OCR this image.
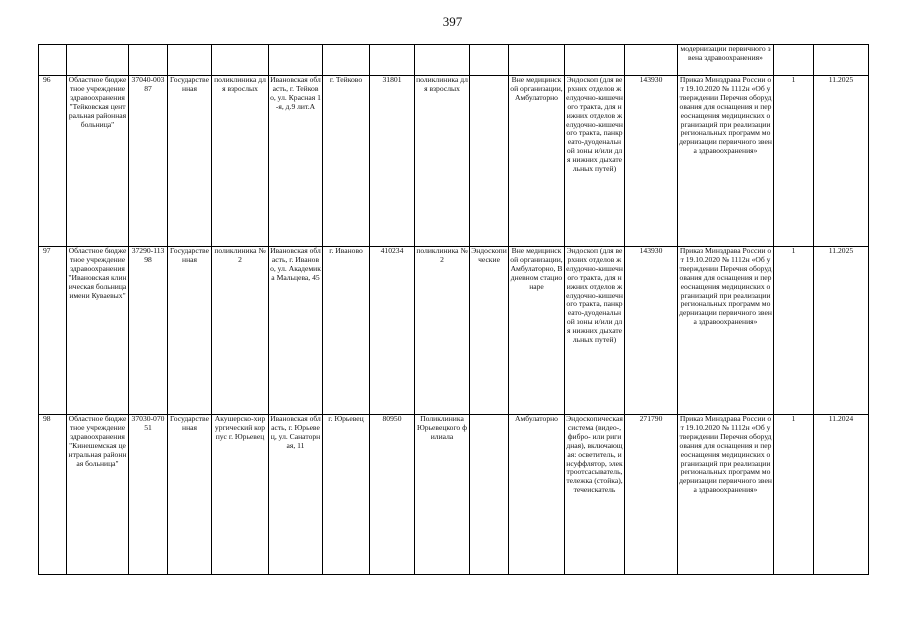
397
													модернизации первичного звена здравоохранения»		
96	Областное бюджетное учреждение здравоохранения "Тейковская центральная районная больница"	37040-00387	Государственная	поликлиника для взрослых	Ивановская область, г. Тейково, ул. Красная 1-я, д.9 лит.А	г. Тейково	31801	поликлиника для взрослых		Вне медицинской организации, Амбулаторно	Эндоскоп (для верхних отделов желудочно-кишечного тракта, для нижних отделов желудочно-кишечного тракта, панкреато-дуоденальной зоны и/или для нижних дыхательных путей)	143930	Приказ Минздрава России от 19.10.2020 № 1112н «Об утверждении Перечня оборудования для оснащения и переоснащения медицинских организаций при реализации региональных программ модернизации первичного звена здравоохранения»	1	11.2025
97	Областное бюджетное учреждение здравоохранения "Ивановская клиническая больница имени Куваевых"	37290-11398	Государственная	поликлиника № 2	Ивановская область, г. Иваново, ул. Академика Мальцева, 45	г. Иваново	410234	поликлиника № 2	Эндоскопические	Вне медицинской организации, Амбулаторно, В дневном стационаре	Эндоскоп (для верхних отделов желудочно-кишечного тракта, для нижних отделов желудочно-кишечного тракта, панкреато-дуоденальной зоны и/или для нижних дыхательных путей)	143930	Приказ Минздрава России от 19.10.2020 № 1112н «Об утверждении Перечня оборудования для оснащения и переоснащения медицинских организаций при реализации региональных программ модернизации первичного звена здравоохранения»	1	11.2025
98	Областное бюджетное учреждение здравоохранения "Кинешемская центральная районная больница"	37030-07051	Государственная	Акушерско-хирургический корпус г. Юрьевец	Ивановская область, г. Юрьевец, ул. Санаторная, 11	г. Юрьевец	80950	Поликлиника Юрьевецкого филиала		Амбулаторно	Эндоскопическая система (видео-, фибро- или ригидная), включающая: осветитель, инсуффлятор, электроотсасыватель, тележка (стойка), течеискатель	271790	Приказ Минздрава России от 19.10.2020 № 1112н «Об утверждении Перечня оборудования для оснащения и переоснащения медицинских организаций при реализации региональных программ модернизации первичного звена здравоохранения»	1	11.2024
